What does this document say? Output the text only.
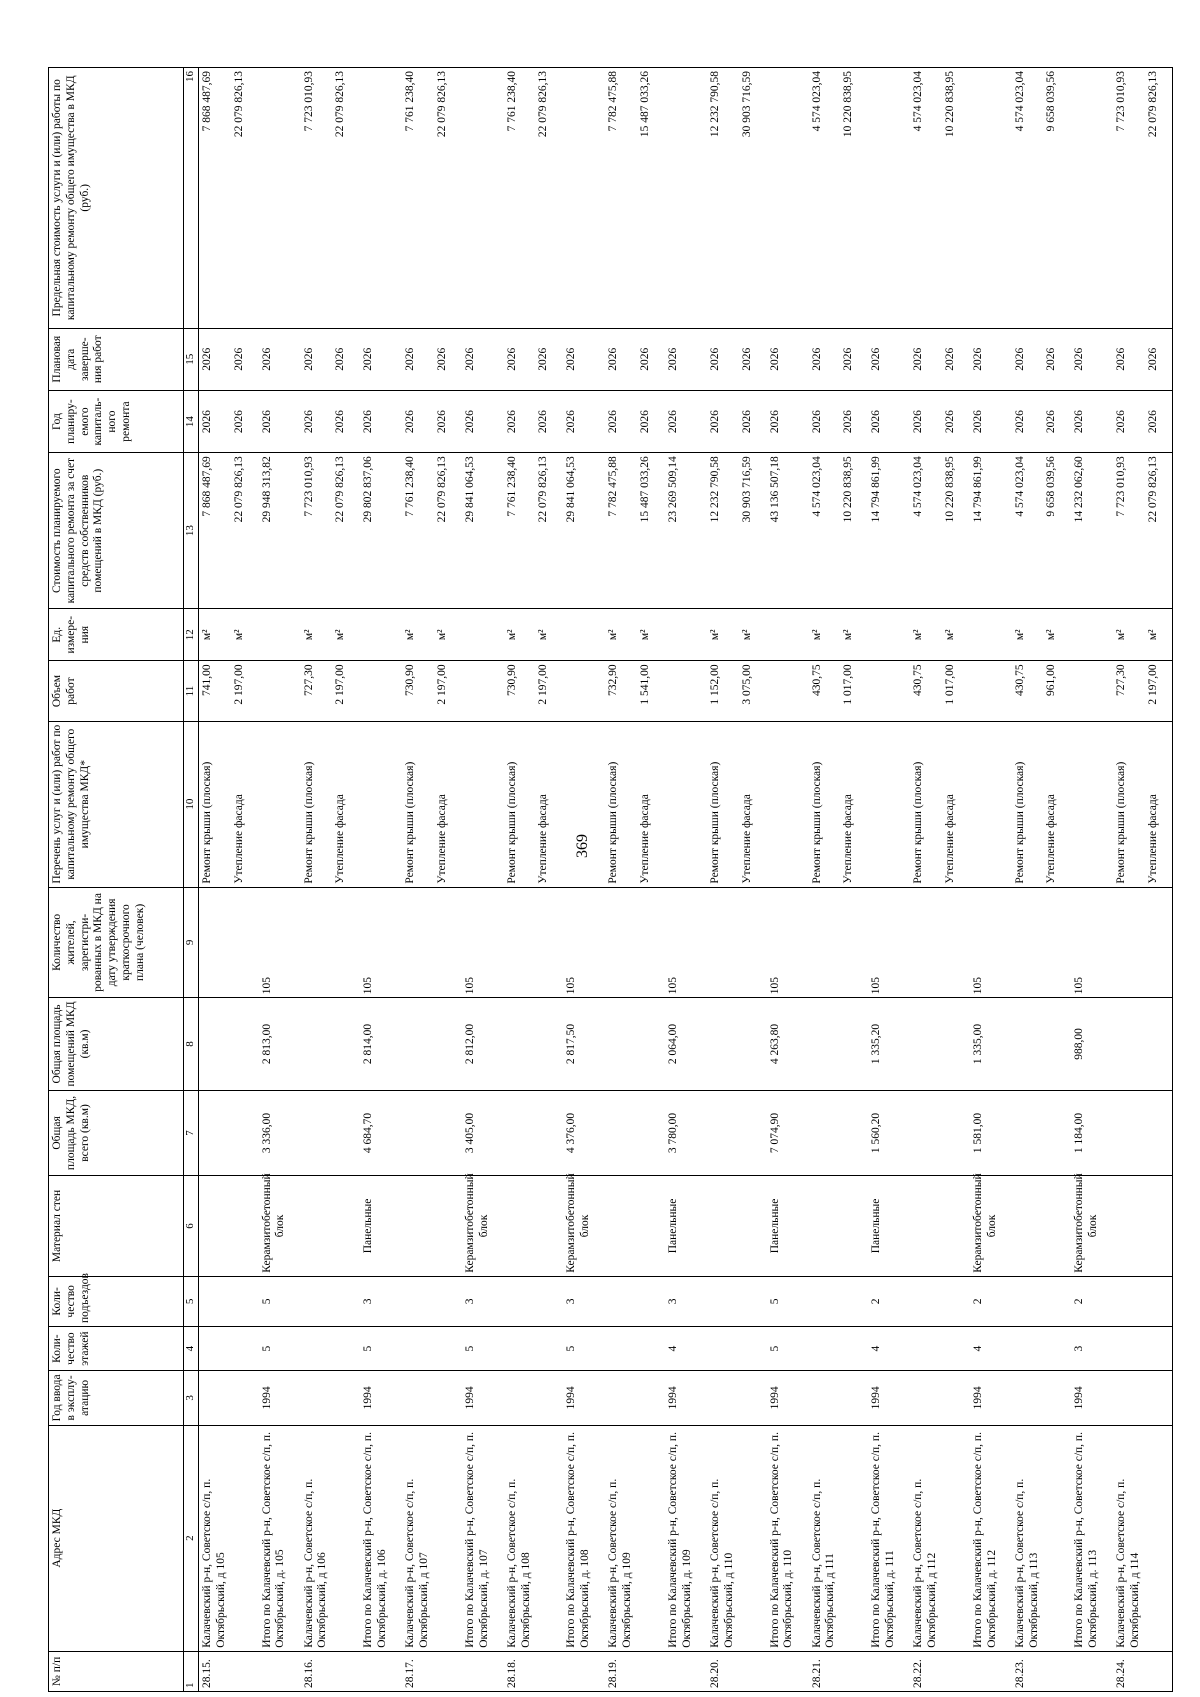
369
№ п/п	Адрес МКД	Год ввода в эксплу-атацию	Коли-чество этажей	Коли-чество подъездов	Материал стен	Общая площадь МКД, всего (кв.м)	Общая площадь помещений МКД (кв.м)	Количество жителей, зарегистри-рованных в МКД на дату утверждения краткосрочного плана (человек)	Перечень услуг и (или) работ по капитальному ремонту общего имущества МКД*	Объем работ	Ед. измере-ния	Стоимость планируемого капитального ремонта за счет средств собственников помещений в МКД (руб.)	Год планиру-емого капиталь-ного ремонта	Плановая дата заверше-ния работ	Предельная стоимость услуги и (или) работы по капитальному ремонту общего имущества в МКД (руб.)
1	2	3	4	5	6	7	8	9	10	11	12	13	14	15	16
28.15.	Калачевский р-н, Советское с/п, п. Октябрьский, д 105								Ремонт крыши (плоская)	741,00	м²	7 868 487,69	2026	2026	7 868 487,69
									Утепление фасада	2 197,00	м²	22 079 826,13	2026	2026	22 079 826,13
	Итого по Калачевский р-н, Советское с/п, п. Октябрьский, д. 105	1994	5	5	Керамзитобетонный блок	3 336,00	2 813,00	105				29 948 313,82	2026	2026	
28.16.	Калачевский р-н, Советское с/п, п. Октябрьский, д 106								Ремонт крыши (плоская)	727,30	м²	7 723 010,93	2026	2026	7 723 010,93
									Утепление фасада	2 197,00	м²	22 079 826,13	2026	2026	22 079 826,13
	Итого по Калачевский р-н, Советское с/п, п. Октябрьский, д. 106	1994	5	3	Панельные	4 684,70	2 814,00	105				29 802 837,06	2026	2026	
28.17.	Калачевский р-н, Советское с/п, п. Октябрьский, д 107								Ремонт крыши (плоская)	730,90	м²	7 761 238,40	2026	2026	7 761 238,40
									Утепление фасада	2 197,00	м²	22 079 826,13	2026	2026	22 079 826,13
	Итого по Калачевский р-н, Советское с/п, п. Октябрьский, д. 107	1994	5	3	Керамзитобетонный блок	3 405,00	2 812,00	105				29 841 064,53	2026	2026	
28.18.	Калачевский р-н, Советское с/п, п. Октябрьский, д 108								Ремонт крыши (плоская)	730,90	м²	7 761 238,40	2026	2026	7 761 238,40
									Утепление фасада	2 197,00	м²	22 079 826,13	2026	2026	22 079 826,13
	Итого по Калачевский р-н, Советское с/п, п. Октябрьский, д. 108	1994	5	3	Керамзитобетонный блок	4 376,00	2 817,50	105				29 841 064,53	2026	2026	
28.19.	Калачевский р-н, Советское с/п, п. Октябрьский, д 109								Ремонт крыши (плоская)	732,90	м²	7 782 475,88	2026	2026	7 782 475,88
									Утепление фасада	1 541,00	м²	15 487 033,26	2026	2026	15 487 033,26
	Итого по Калачевский р-н, Советское с/п, п. Октябрьский, д. 109	1994	4	3	Панельные	3 780,00	2 064,00	105				23 269 509,14	2026	2026	
28.20.	Калачевский р-н, Советское с/п, п. Октябрьский, д 110								Ремонт крыши (плоская)	1 152,00	м²	12 232 790,58	2026	2026	12 232 790,58
									Утепление фасада	3 075,00	м²	30 903 716,59	2026	2026	30 903 716,59
	Итого по Калачевский р-н, Советское с/п, п. Октябрьский, д. 110	1994	5	5	Панельные	7 074,90	4 263,80	105				43 136 507,18	2026	2026	
28.21.	Калачевский р-н, Советское с/п, п. Октябрьский, д 111								Ремонт крыши (плоская)	430,75	м²	4 574 023,04	2026	2026	4 574 023,04
									Утепление фасада	1 017,00	м²	10 220 838,95	2026	2026	10 220 838,95
	Итого по Калачевский р-н, Советское с/п, п. Октябрьский, д. 111	1994	4	2	Панельные	1 560,20	1 335,20	105				14 794 861,99	2026	2026	
28.22.	Калачевский р-н, Советское с/п, п. Октябрьский, д 112								Ремонт крыши (плоская)	430,75	м²	4 574 023,04	2026	2026	4 574 023,04
									Утепление фасада	1 017,00	м²	10 220 838,95	2026	2026	10 220 838,95
	Итого по Калачевский р-н, Советское с/п, п. Октябрьский, д. 112	1994	4	2	Керамзитобетонный блок	1 581,00	1 335,00	105				14 794 861,99	2026	2026	
28.23.	Калачевский р-н, Советское с/п, п. Октябрьский, д 113								Ремонт крыши (плоская)	430,75	м²	4 574 023,04	2026	2026	4 574 023,04
									Утепление фасада	961,00	м²	9 658 039,56	2026	2026	9 658 039,56
	Итого по Калачевский р-н, Советское с/п, п. Октябрьский, д. 113	1994	3	2	Керамзитобетонный блок	1 184,00	988,00	105				14 232 062,60	2026	2026	
28.24.	Калачевский р-н, Советское с/п, п. Октябрьский, д 114								Ремонт крыши (плоская)	727,30	м²	7 723 010,93	2026	2026	7 723 010,93
									Утепление фасада	2 197,00	м²	22 079 826,13	2026	2026	22 079 826,13
